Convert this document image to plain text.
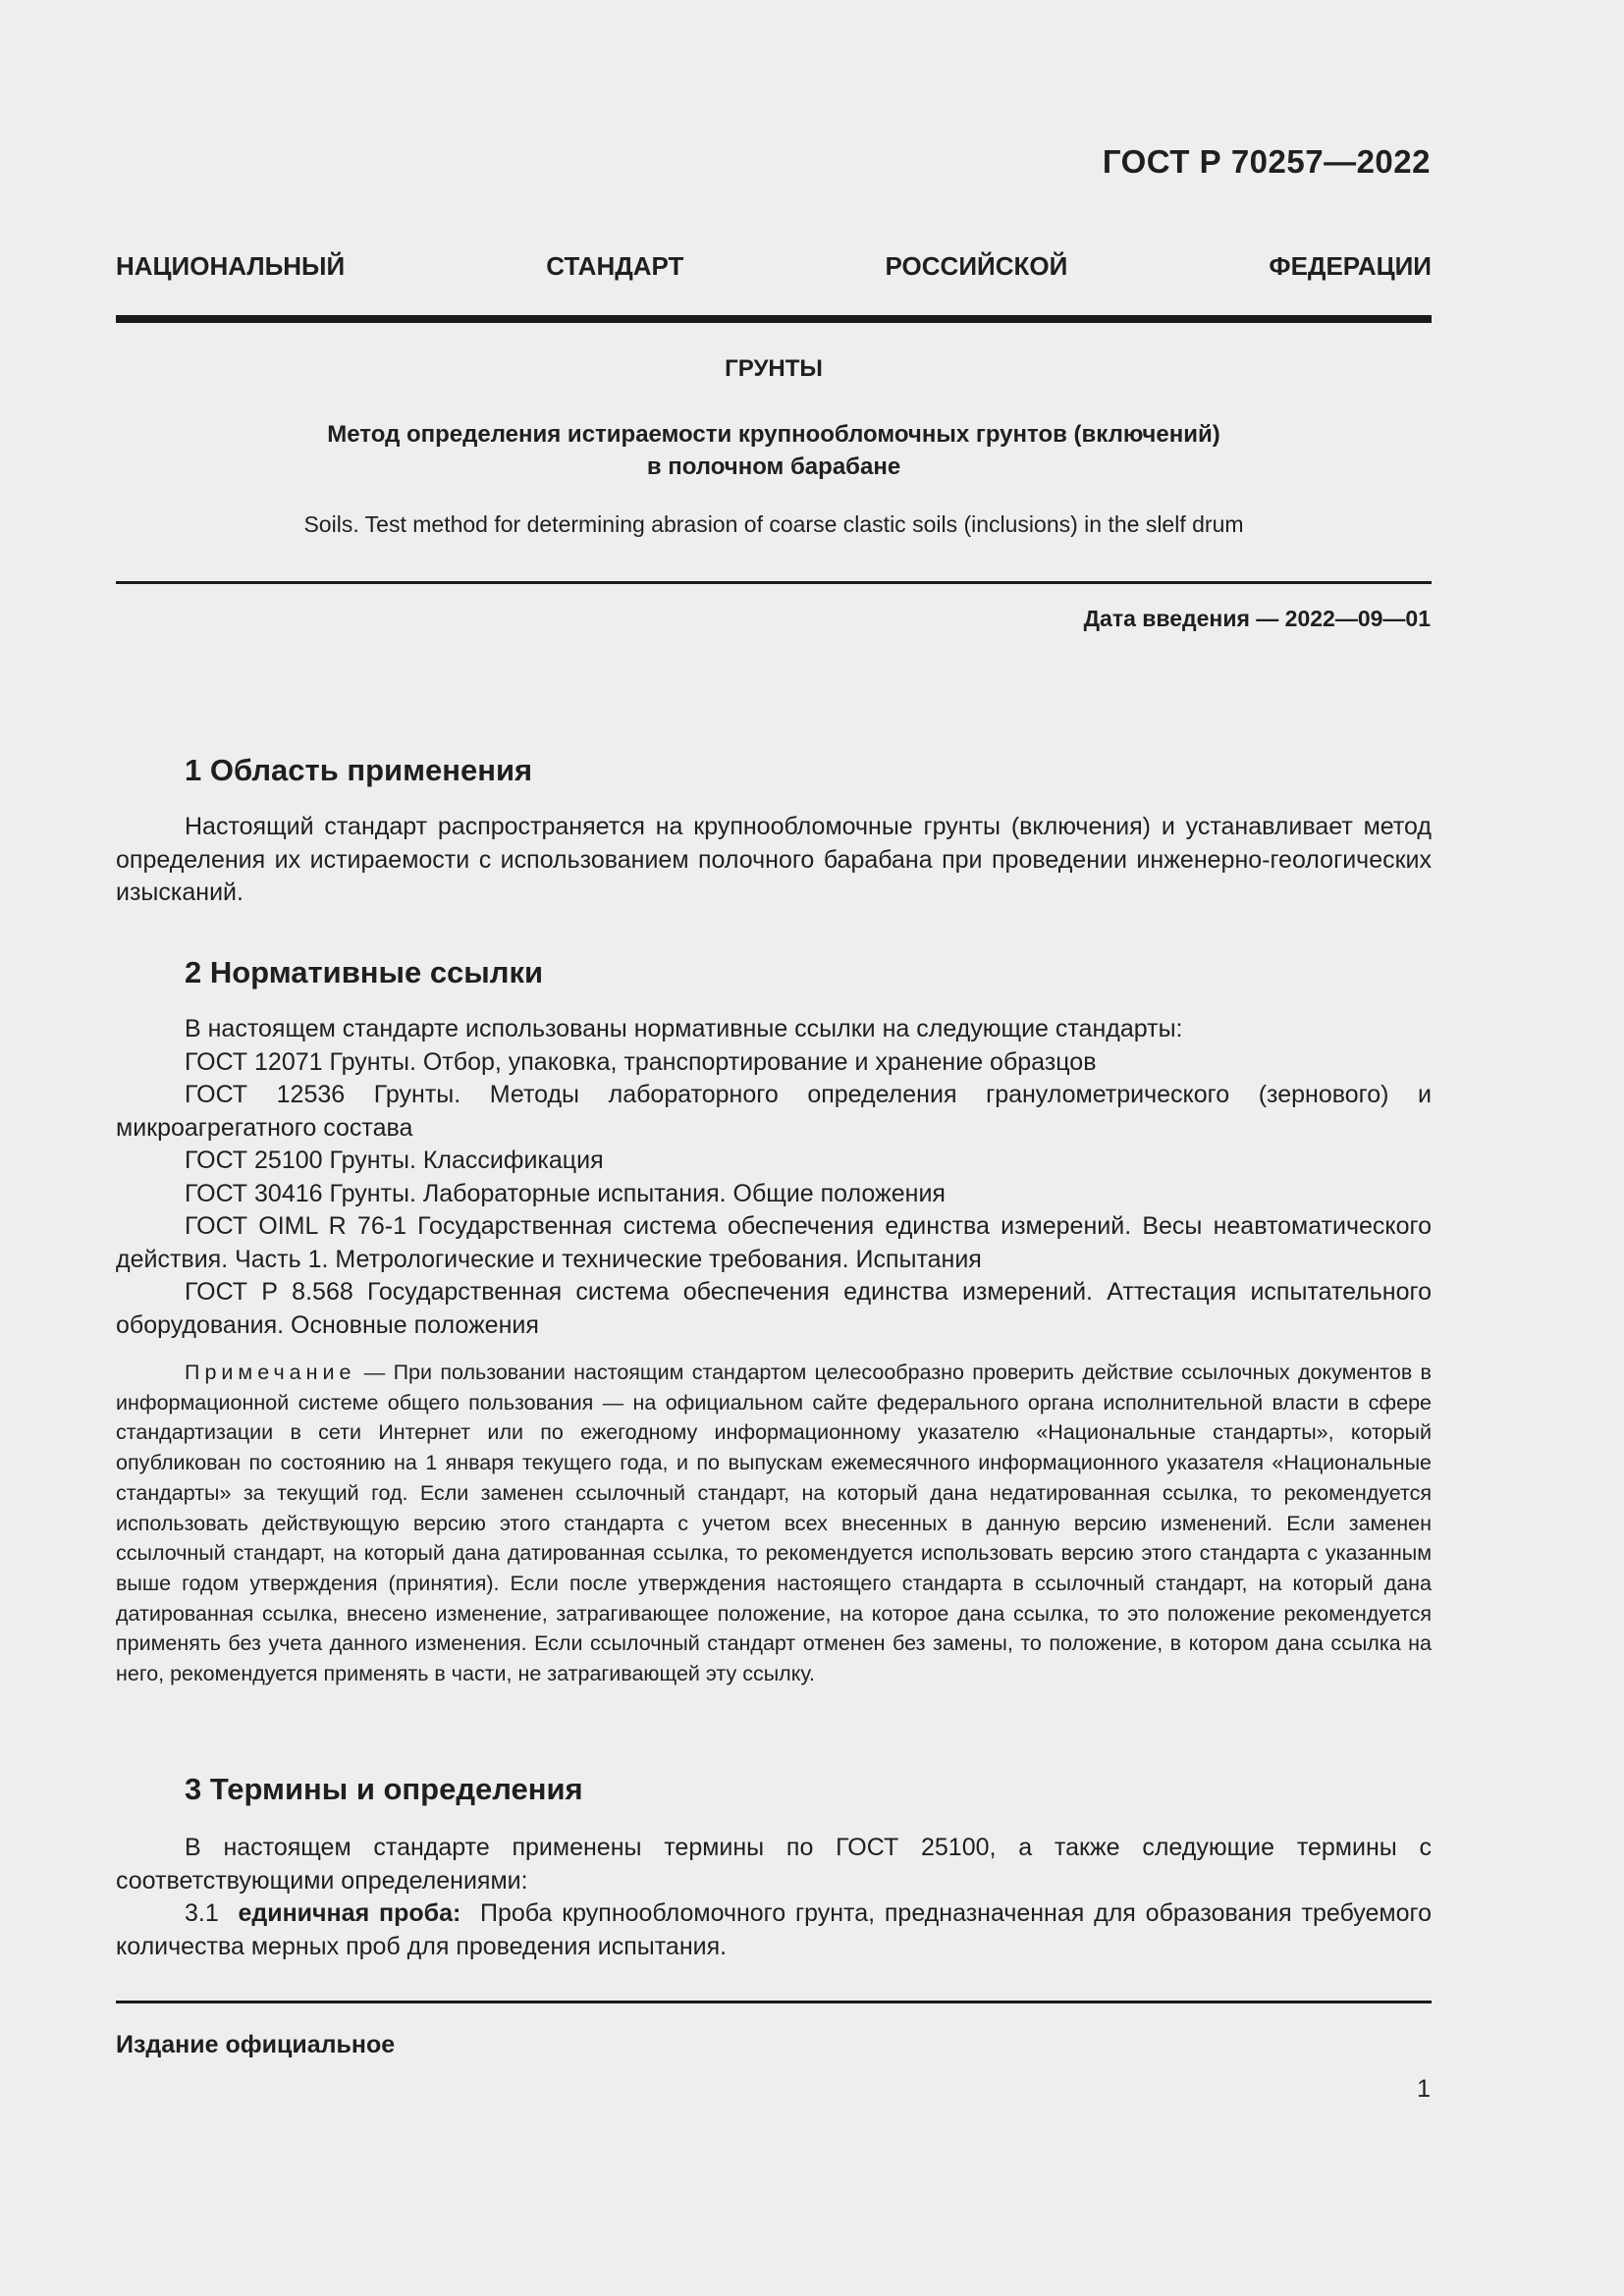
ГОСТ Р 70257—2022
НАЦИОНАЛЬНЫЙ СТАНДАРТ РОССИЙСКОЙ ФЕДЕРАЦИИ
ГРУНТЫ
Метод определения истираемости крупнообломочных грунтов (включений)
в полочном барабане
Soils. Test method for determining abrasion of coarse clastic soils (inclusions) in the slelf drum
Дата введения — 2022—09—01
1 Область применения
Настоящий стандарт распространяется на крупнообломочные грунты (включения) и устанавливает метод определения их истираемости с использованием полочного барабана при проведении инженерно-геологических изысканий.
2 Нормативные ссылки
В настоящем стандарте использованы нормативные ссылки на следующие стандарты:
ГОСТ 12071 Грунты. Отбор, упаковка, транспортирование и хранение образцов
ГОСТ 12536 Грунты. Методы лабораторного определения гранулометрического (зернового) и микроагрегатного состава
ГОСТ 25100 Грунты. Классификация
ГОСТ 30416 Грунты. Лабораторные испытания. Общие положения
ГОСТ OIML R 76-1 Государственная система обеспечения единства измерений. Весы неавтоматического действия. Часть 1. Метрологические и технические требования. Испытания
ГОСТ Р 8.568 Государственная система обеспечения единства измерений. Аттестация испытательного оборудования. Основные положения
Примечание — При пользовании настоящим стандартом целесообразно проверить действие ссылочных документов в информационной системе общего пользования — на официальном сайте федерального органа исполнительной власти в сфере стандартизации в сети Интернет или по ежегодному информационному указателю «Национальные стандарты», который опубликован по состоянию на 1 января текущего года, и по выпускам ежемесячного информационного указателя «Национальные стандарты» за текущий год. Если заменен ссылочный стандарт, на который дана недатированная ссылка, то рекомендуется использовать действующую версию этого стандарта с учетом всех внесенных в данную версию изменений. Если заменен ссылочный стандарт, на который дана датированная ссылка, то рекомендуется использовать версию этого стандарта с указанным выше годом утверждения (принятия). Если после утверждения настоящего стандарта в ссылочный стандарт, на который дана датированная ссылка, внесено изменение, затрагивающее положение, на которое дана ссылка, то это положение рекомендуется применять без учета данного изменения. Если ссылочный стандарт отменен без замены, то положение, в котором дана ссылка на него, рекомендуется применять в части, не затрагивающей эту ссылку.
3 Термины и определения
В настоящем стандарте применены термины по ГОСТ 25100, а также следующие термины с соответствующими определениями:
3.1 единичная проба: Проба крупнообломочного грунта, предназначенная для образования требуемого количества мерных проб для проведения испытания.
Издание официальное
1
